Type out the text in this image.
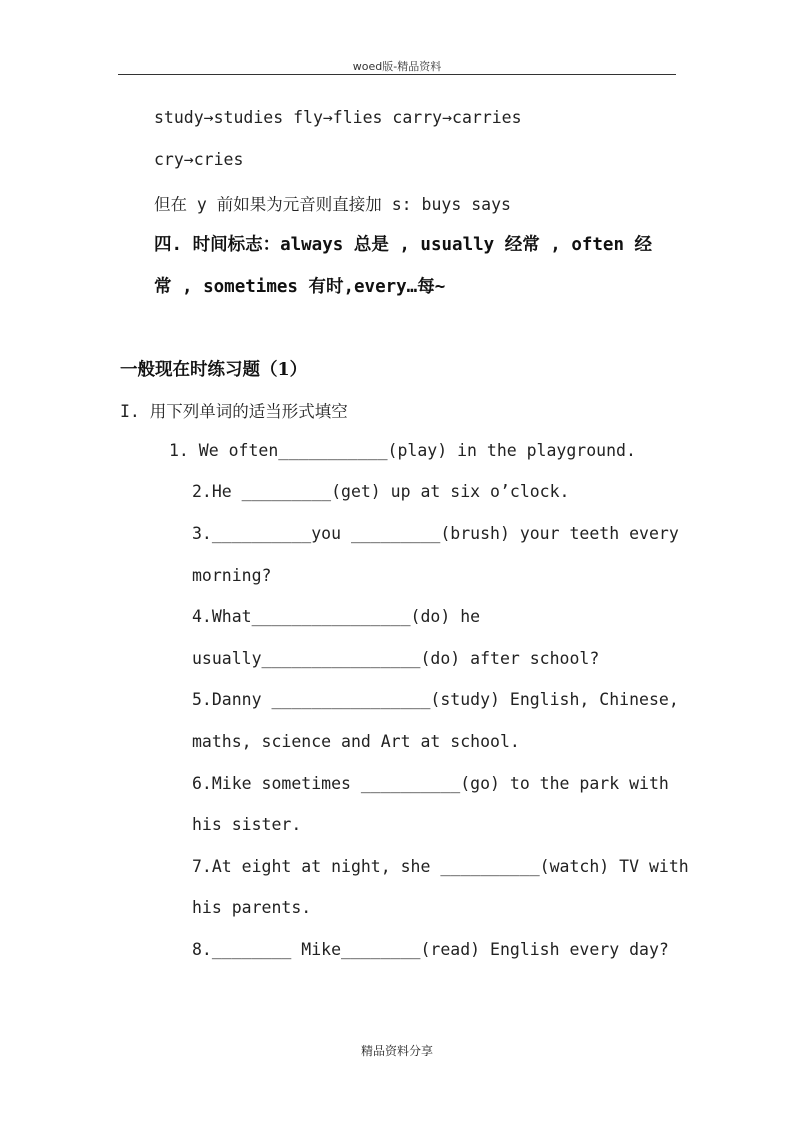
woed版-精品资料
study→studies fly→flies carry→carries
cry→cries
但在 y 前如果为元音则直接加 s: buys says
四. 时间标志：always 总是 , usually 经常 , often 经
常 , sometimes 有时,every…每~
一般现在时练习题（1）
I. 用下列单词的适当形式填空
1. We often___________(play) in the playground.
2.He _________(get) up at six o’clock.
3.__________you _________(brush) your teeth every
morning?
4.What________________(do) he
usually________________(do) after school?
5.Danny ________________(study) English, Chinese,
maths, science and Art at school.
6.Mike sometimes __________(go) to the park with
his sister.
7.At eight at night, she __________(watch) TV with
his parents.
8.________ Mike________(read) English every day?
精品资料分享
